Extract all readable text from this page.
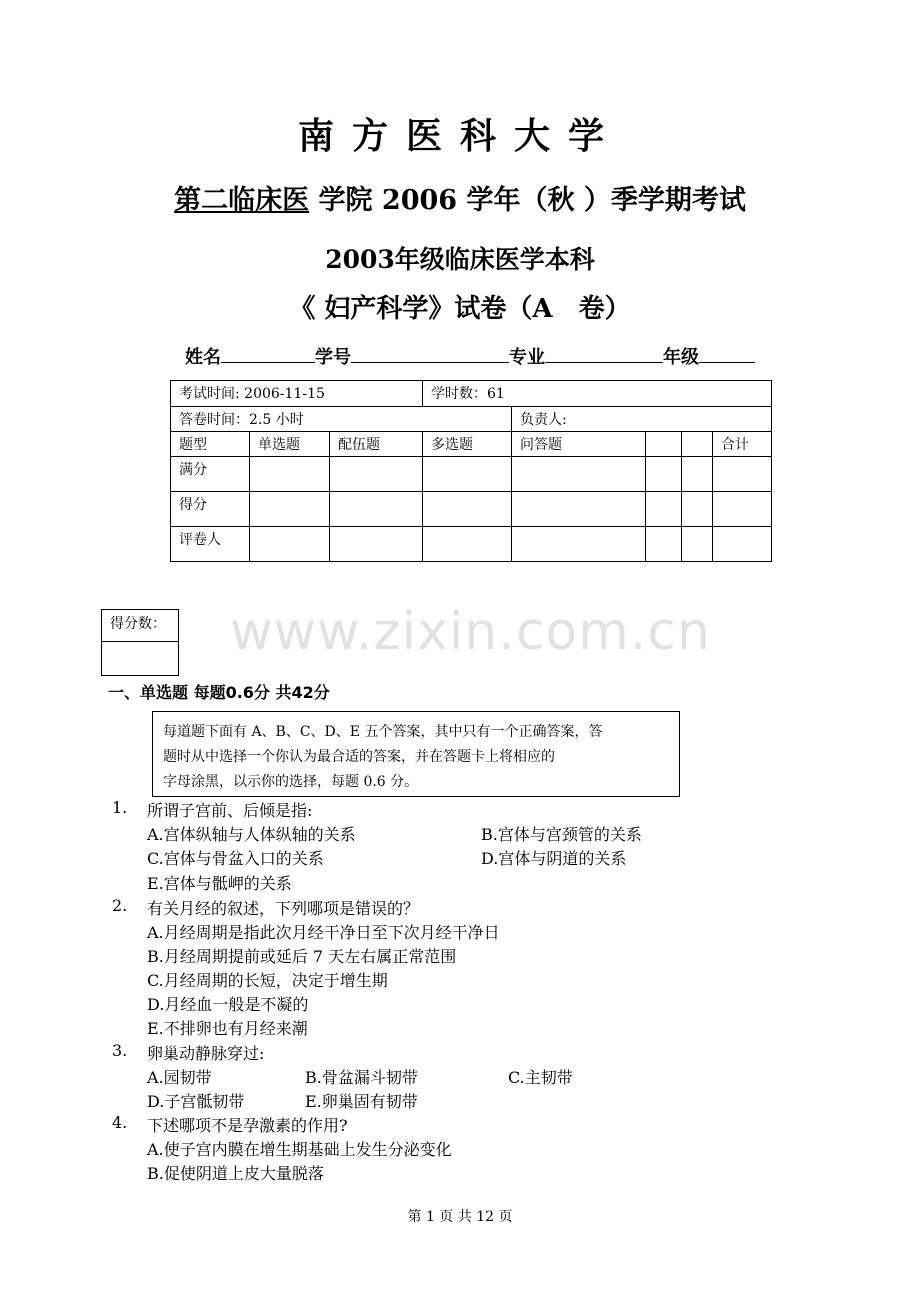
南方医科大学
第二临床医 学院 2006 学年（秋 ）季学期考试
2003年级临床医学本科
《 妇产科学》试卷（A　卷）
姓名	学号	专业	年级
考试时间: 2006-11-15			学时数：61				
答卷时间：2.5 小时				负责人:			
题型	单选题	配伍题	多选题	问答题			合计
满分							
得分							
评卷人							
www.zixin.com.cn
得分数：
一、单选题 每题0.6分 共42分
每道题下面有 A、B、C、D、E 五个答案，其中只有一个正确答案，答
题时从中选择一个你认为最合适的答案，并在答题卡上将相应的
字母涂黑，以示你的选择，每题 0.6 分。
1. 所谓子宫前、后倾是指:
A.宫体纵轴与人体纵轴的关系	B.宫体与宫颈管的关系
C.宫体与骨盆入口的关系	D.宫体与阴道的关系
E.宫体与骶岬的关系
2. 有关月经的叙述，下列哪项是错误的？
A.月经周期是指此次月经干净日至下次月经干净日
B.月经周期提前或延后 7 天左右属正常范围
C.月经周期的长短，决定于增生期
D.月经血一般是不凝的
E.不排卵也有月经来潮
3. 卵巢动静脉穿过:
A.园韧带	B.骨盆漏斗韧带	C.主韧带
D.子宫骶韧带	E.卵巢固有韧带
4. 下述哪项不是孕激素的作用?
A.使子宫内膜在增生期基础上发生分泌变化
B.促使阴道上皮大量脱落
第 1 页 共 12 页
